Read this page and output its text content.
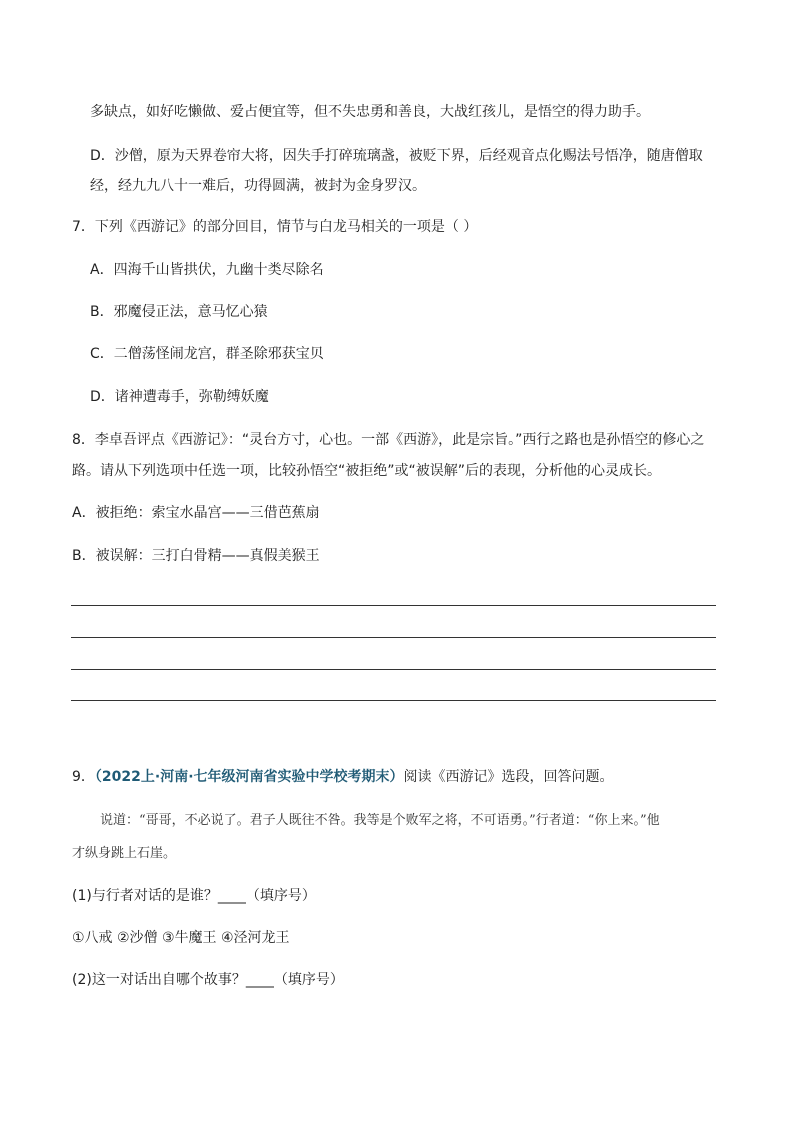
多缺点，如好吃懒做、爱占便宜等，但不失忠勇和善良，大战红孩儿，是悟空的得力助手。
D．沙僧，原为天界卷帘大将，因失手打碎琉璃盏，被贬下界，后经观音点化赐法号悟净，随唐僧取
经，经九九八十一难后，功得圆满，被封为金身罗汉。
7．下列《西游记》的部分回目，情节与白龙马相关的一项是（ ）
A．四海千山皆拱伏，九幽十类尽除名
B．邪魔侵正法，意马忆心猿
C．二僧荡怪闹龙宫，群圣除邪获宝贝
D．诸神遭毒手，弥勒缚妖魔
8．李卓吾评点《西游记》：“灵台方寸，心也。一部《西游》，此是宗旨。”西行之路也是孙悟空的修心之
路。请从下列选项中任选一项，比较孙悟空“被拒绝”或“被误解”后的表现，分析他的心灵成长。
A．被拒绝：索宝水晶宫——三借芭蕉扇
B．被误解：三打白骨精——真假美猴王
9．（2022上·河南·七年级河南省实验中学校考期末）阅读《西游记》选段，回答问题。
说道：“哥哥，不必说了。君子人既往不咎。我等是个败军之将，不可语勇。”行者道：“你上来。”他
才纵身跳上石崖。
(1)与行者对话的是谁？____（填序号）
①八戒 ②沙僧 ③牛魔王 ④泾河龙王
(2)这一对话出自哪个故事？____（填序号）
